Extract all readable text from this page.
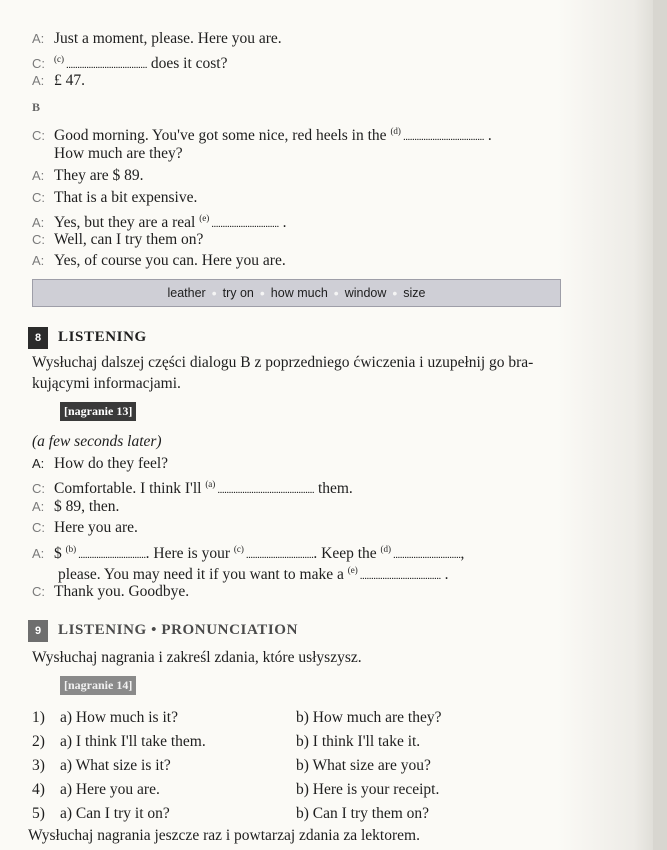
A: Just a moment, please. Here you are.
C: $^{(c)}$.................................... does it cost?
A: £ 47.
B
C: Good morning. You've got some nice, red heels in the $^{(d)}$.................................... .
How much are they?
A: They are $ 89.
C: That is a bit expensive.
A: Yes, but they are a real $^{(e)}$.............................. .
C: Well, can I try them on?
A: Yes, of course you can. Here you are.
leather • try on • how much • window • size
8	LISTENING
Wysłuchaj dalszej części dialogu B z poprzedniego ćwiczenia i uzupełnij go bra-
kującymi informacjami.
[nagranie 13]
(a few seconds later)
A: How do they feel?
C: Comfortable. I think I'll $^{(a)}$........................................... them.
A: $ 89, then.
C: Here you are.
A: $ $^{(b)}$............................... Here is your $^{(c)}$............................... Keep the $^{(d)}$..............................,
please. You may need it if you want to make a $^{(e)}$.................................... .
C: Thank you. Goodbye.
9	LISTENING • PRONUNCIATION
Wysłuchaj nagrania i zakreśl zdania, które usłyszysz.
[nagranie 14]
1) a) How much is it?	b) How much are they?
2) a) I think I'll take them.	b) I think I'll take it.
3) a) What size is it?	b) What size are you?
4) a) Here you are.	b) Here is your receipt.
5) a) Can I try it on?	b) Can I try them on?
Wysłuchaj nagrania jeszcze raz i powtarzaj zdania za lektorem.
